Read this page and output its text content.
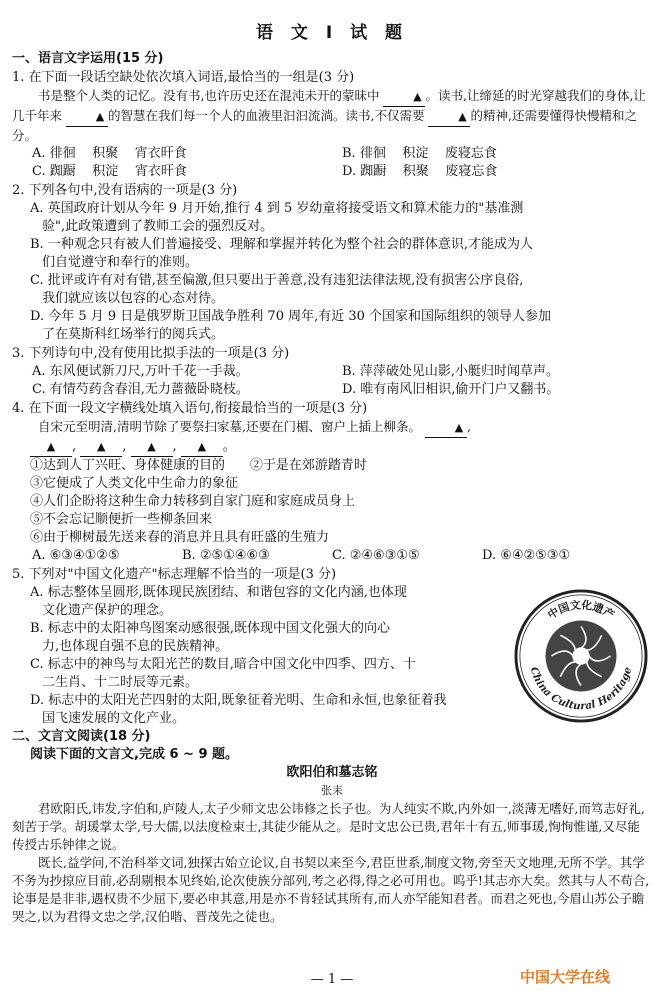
语 文 Ⅰ 试 题
一、语言文字运用(15 分)
1. 在下面一段话空缺处依次填入词语,最恰当的一组是(3 分)
书是整个人类的记忆。没有书,也许历史还在混沌未开的蒙昧中	▲ 。读书,让缔延的时光穿越我们的身体,让几千年来	▲ 的智慧在我们每一个人的血液里汩汩流淌。读书,不仅需要	▲ 的精神,还需要懂得快慢精和之分。
A. 徘徊 积聚 宵衣旰食	B. 徘徊 积淀 废寝忘食
C. 踟蹰 积淀 宵衣旰食	D. 踟蹰 积聚 废寝忘食
2. 下列各句中,没有语病的一项是(3 分)
A. 英国政府计划从今年 9 月开始,推行 4 到 5 岁幼童将接受语文和算术能力的"基准测
验",此政策遭到了教师工会的强烈反对。
B. 一种观念只有被人们普遍接受、理解和掌握并转化为整个社会的群体意识,才能成为人
们自觉遵守和奉行的准则。
C. 批评或许有对有错,甚至偏激,但只要出于善意,没有违犯法律法规,没有损害公序良俗,
我们就应该以包容的心态对待。
D. 今年 5 月 9 日是俄罗斯卫国战争胜利 70 周年,有近 30 个国家和国际组织的领导人参加
了在莫斯科红场举行的阅兵式。
3. 下列诗句中,没有使用比拟手法的一项是(3 分)
A. 东风便试新刀尺,万叶千花一手裁。	B. 萍萍破处见山影,小艇归时闻草声。
C. 有情芍药含春泪,无力蔷薇卧晓枝。	D. 唯有南风旧相识,偷开门户又翻书。
4. 在下面一段文字横线处填入语句,衔接最恰当的一项是(3 分)
自宋元至明清,清明节除了要祭扫家墓,还要在门楣、窗户上插上柳条。	▲ ,
▲ , ▲ , ▲ , ▲ 。
①达到人丁兴旺、身体健康的目的 ②于是在郊游踏青时
③它便成了人类文化中生命力的象征
④人们企盼将这种生命力转移到自家门庭和家庭成员身上
⑤不会忘记顺便折一些柳条回来
⑥由于柳树最先送来春的消息并且具有旺盛的生殖力
A. ⑥③④①②⑤	B. ②⑤①④⑥③	C. ②④⑥③①⑤	D. ⑥④②⑤③①
5. 下列对"中国文化遗产"标志理解不恰当的一项是(3 分)
A. 标志整体呈圆形,既体现民族团结、和谐包容的文化内涵,也体现
文化遗产保护的理念。
B. 标志中的太阳神鸟图案动感很强,既体现中国文化强大的向心
力,也体现自强不息的民族精神。
C. 标志中的神鸟与太阳光芒的数目,暗合中国文化中四季、四方、十
二生肖、十二时辰等元素。
D. 标志中的太阳光芒四射的太阳,既象征着光明、生命和永恒,也象征着我
国飞速发展的文化产业。
二、文言文阅读(18 分)
阅读下面的文言文,完成 6 ~ 9 题。
欧阳伯和墓志铭
张耒
君欧阳氏,讳发,字伯和,庐陵人,太子少师文忠公讳修之长子也。为人纯实不欺,内外如一,淡薄无嗜好,而笃志好礼,刻苦于学。胡瑗掌太学,号大儒,以法度检束士,其徒少能从之。是时文忠公已贵,君年十有五,师事瑗,恂恂惟谨,又尽能传授古乐钟律之说。
既长,益学问,不治科举文词,独探古始立论议,自书契以来至今,君臣世系,制度文物,旁至天文地理,无所不学。其学不务为抄掠应目前,必刮剔根本见终始,论次使族分部列,考之必得,得之必可用也。呜乎!其志亦大矣。然其与人不苟合,论事是是非非,遇权贵不少屈下,要必申其意,用是亦不肯轻试其所有,而人亦罕能知君者。而君之死也,今眉山苏公子瞻哭之,以为君得文忠之学,汉伯喈、晋茂先之徒也。
中国文化遗产
China Cultural Heritage
— 1 —	中国大学在线
